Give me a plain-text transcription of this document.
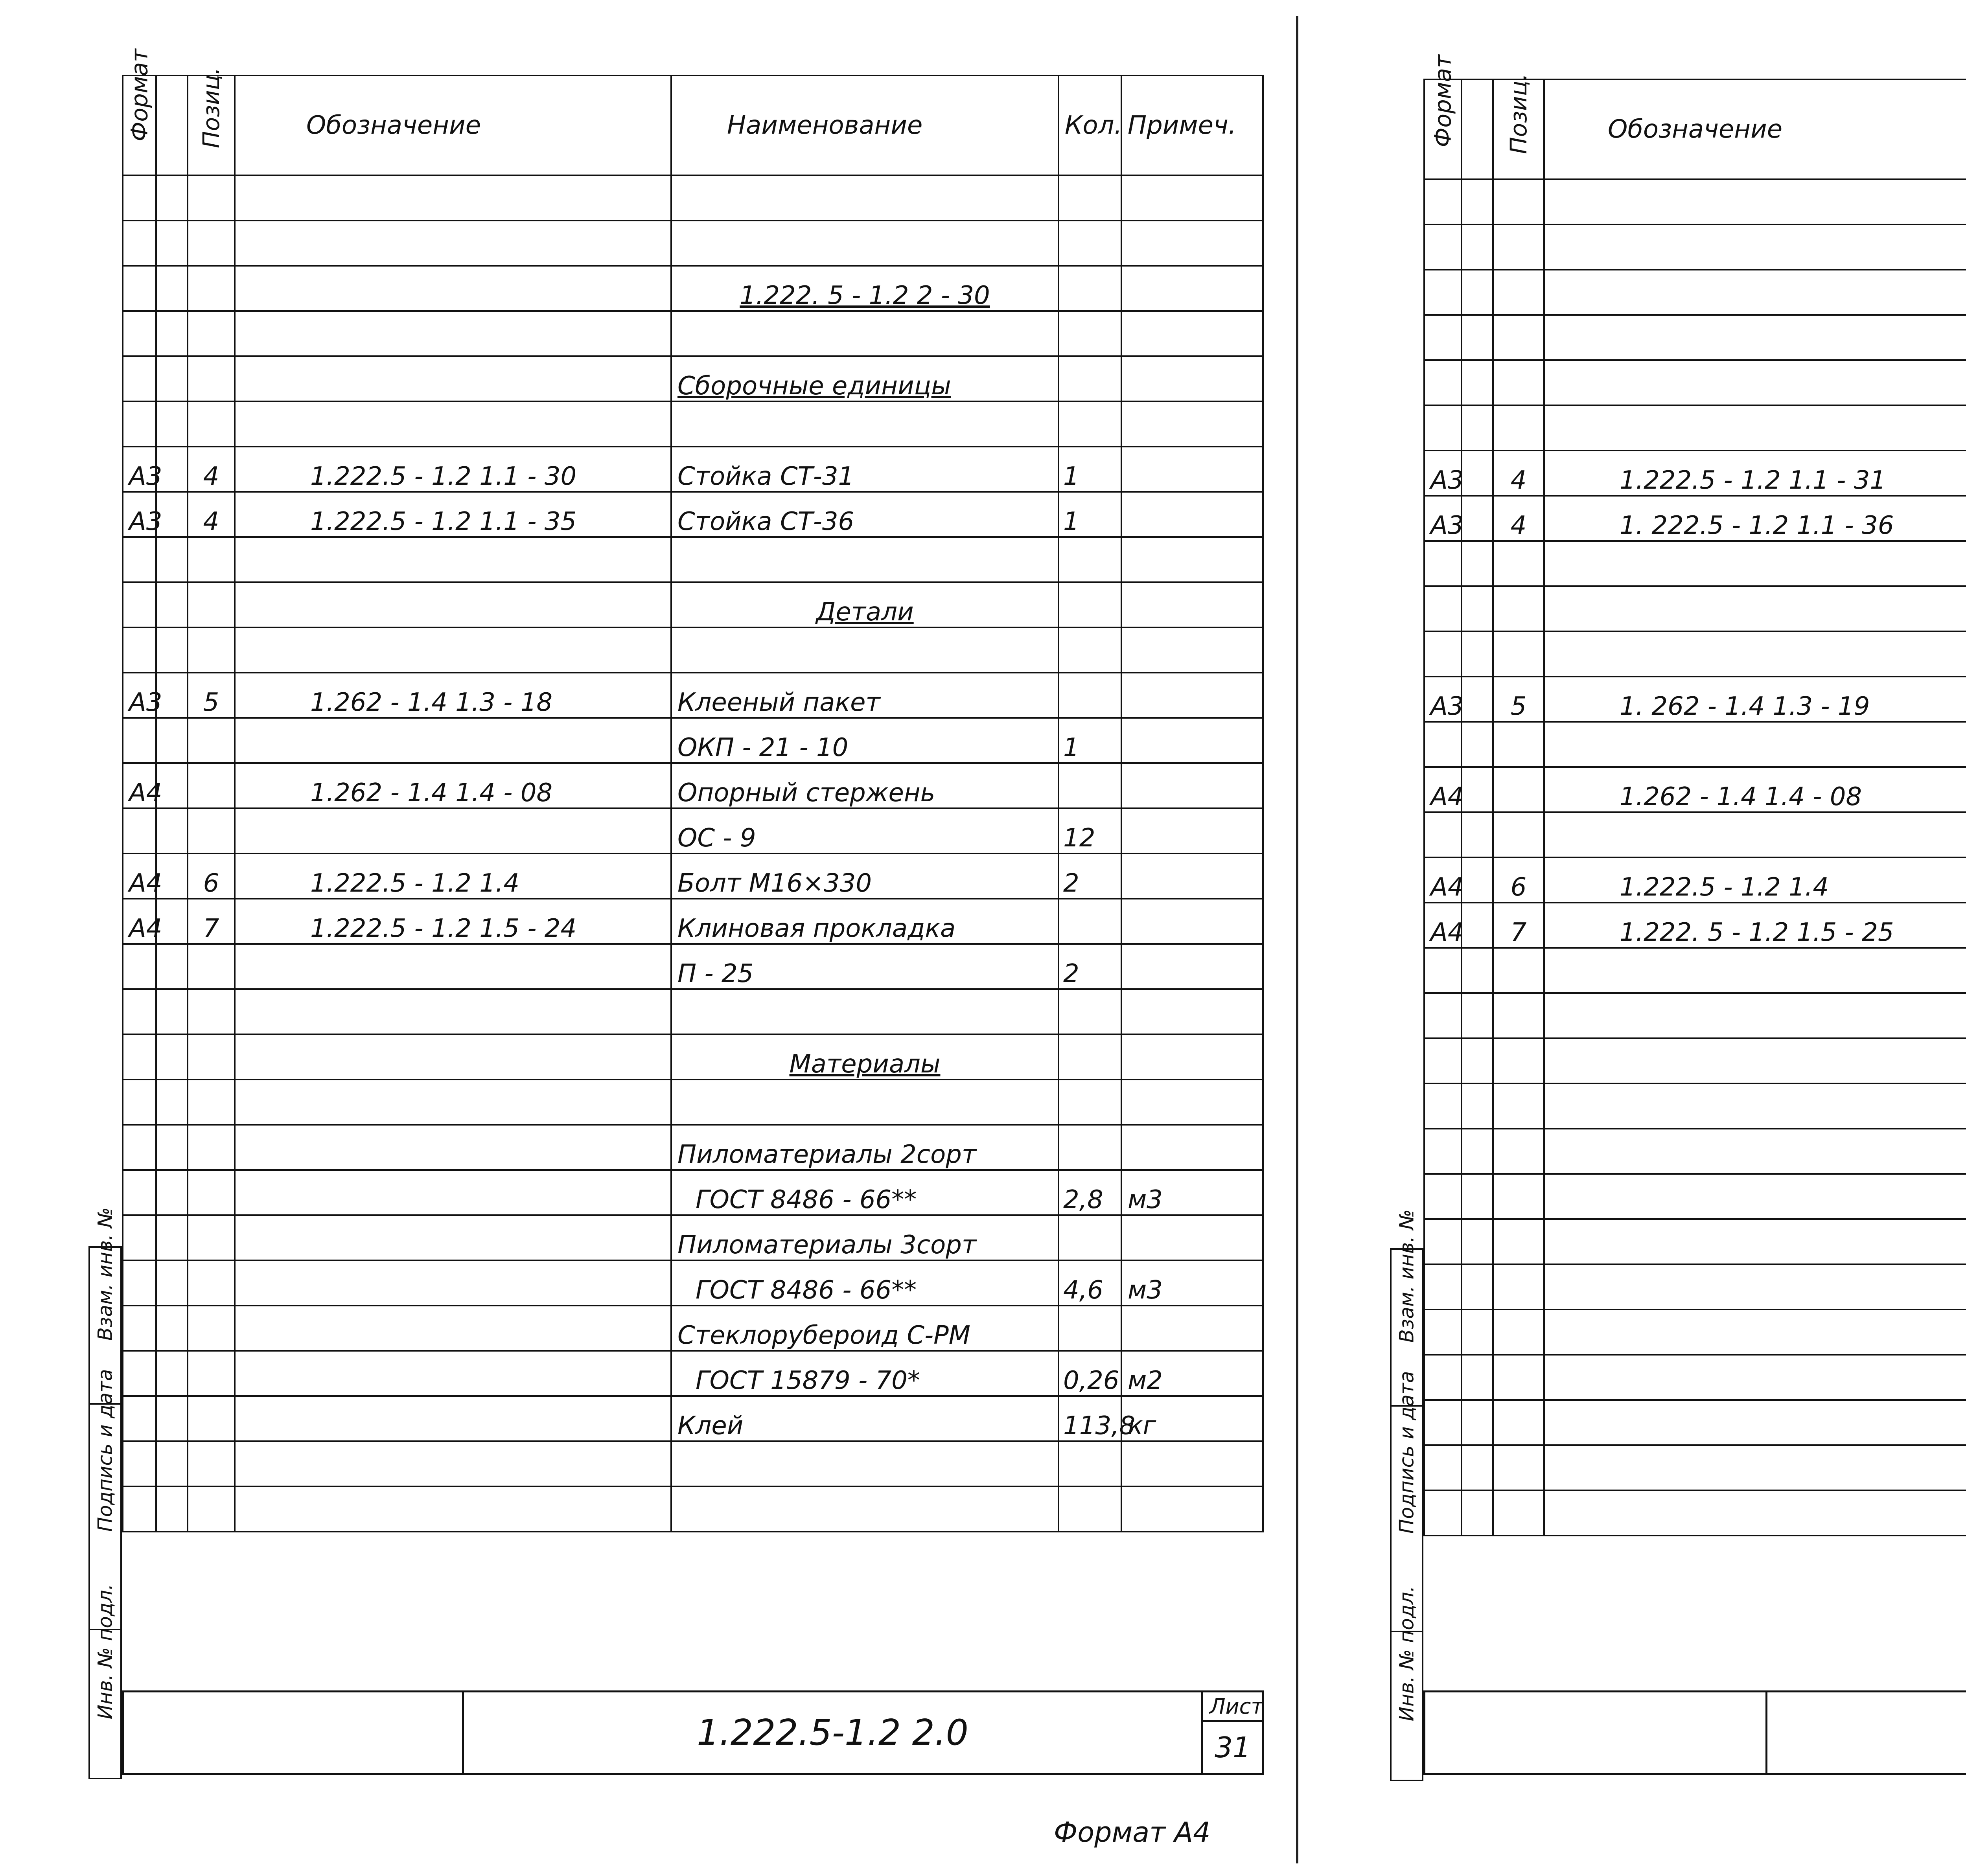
Формат		Позиц.	Обозначение	Наименование	Кол.	Примеч.

				1.222. 5 - 1.2 2 - 30		

				Сборочные единицы		

А3		4	1.222.5 - 1.2 1.1 - 30	Стойка СТ-31	1	
А3		4	1.222.5 - 1.2 1.1 - 35	Стойка СТ-36	1	

				Детали		

А3		5	1.262 - 1.4 1.3 - 18	Клееный пакет		
				ОКП - 21 - 10	1	
А4			1.262 - 1.4 1.4 - 08	Опорный стержень		
				ОС - 9	12	
А4		6	1.222.5 - 1.2 1.4	Болт М16×330	2	
А4		7	1.222.5 - 1.2 1.5 - 24	Клиновая прокладка		
				П - 25	2	

				Материалы		

				Пиломатериалы 2сорт		
				ГОСТ 8486 - 66**	2,8	м3
				Пиломатериалы 3сорт		
				ГОСТ 8486 - 66**	4,6	м3
				Стеклорубероид С-РМ		
				ГОСТ 15879 - 70*	0,26	м2
				Клей	113,8	кг

Взам. инв. №

Подпись и дата

Инв. № подл.
	1.222.5-1.2 2.0	Лист
31
Формат А4
Формат		Позиц.	Обозначение			

А3		4	1.222.5 - 1.2 1.1 - 31			
А3		4	1. 222.5 - 1.2 1.1 - 36			

А3		5	1. 262 - 1.4 1.3 - 19			

А4			1.262 - 1.4 1.4 - 08			

А4		6	1.222.5 - 1.2 1.4			
А4		7	1.222. 5 - 1.2 1.5 - 25			

Взам. инв. №

Подпись и дата

Инв. № подл.
